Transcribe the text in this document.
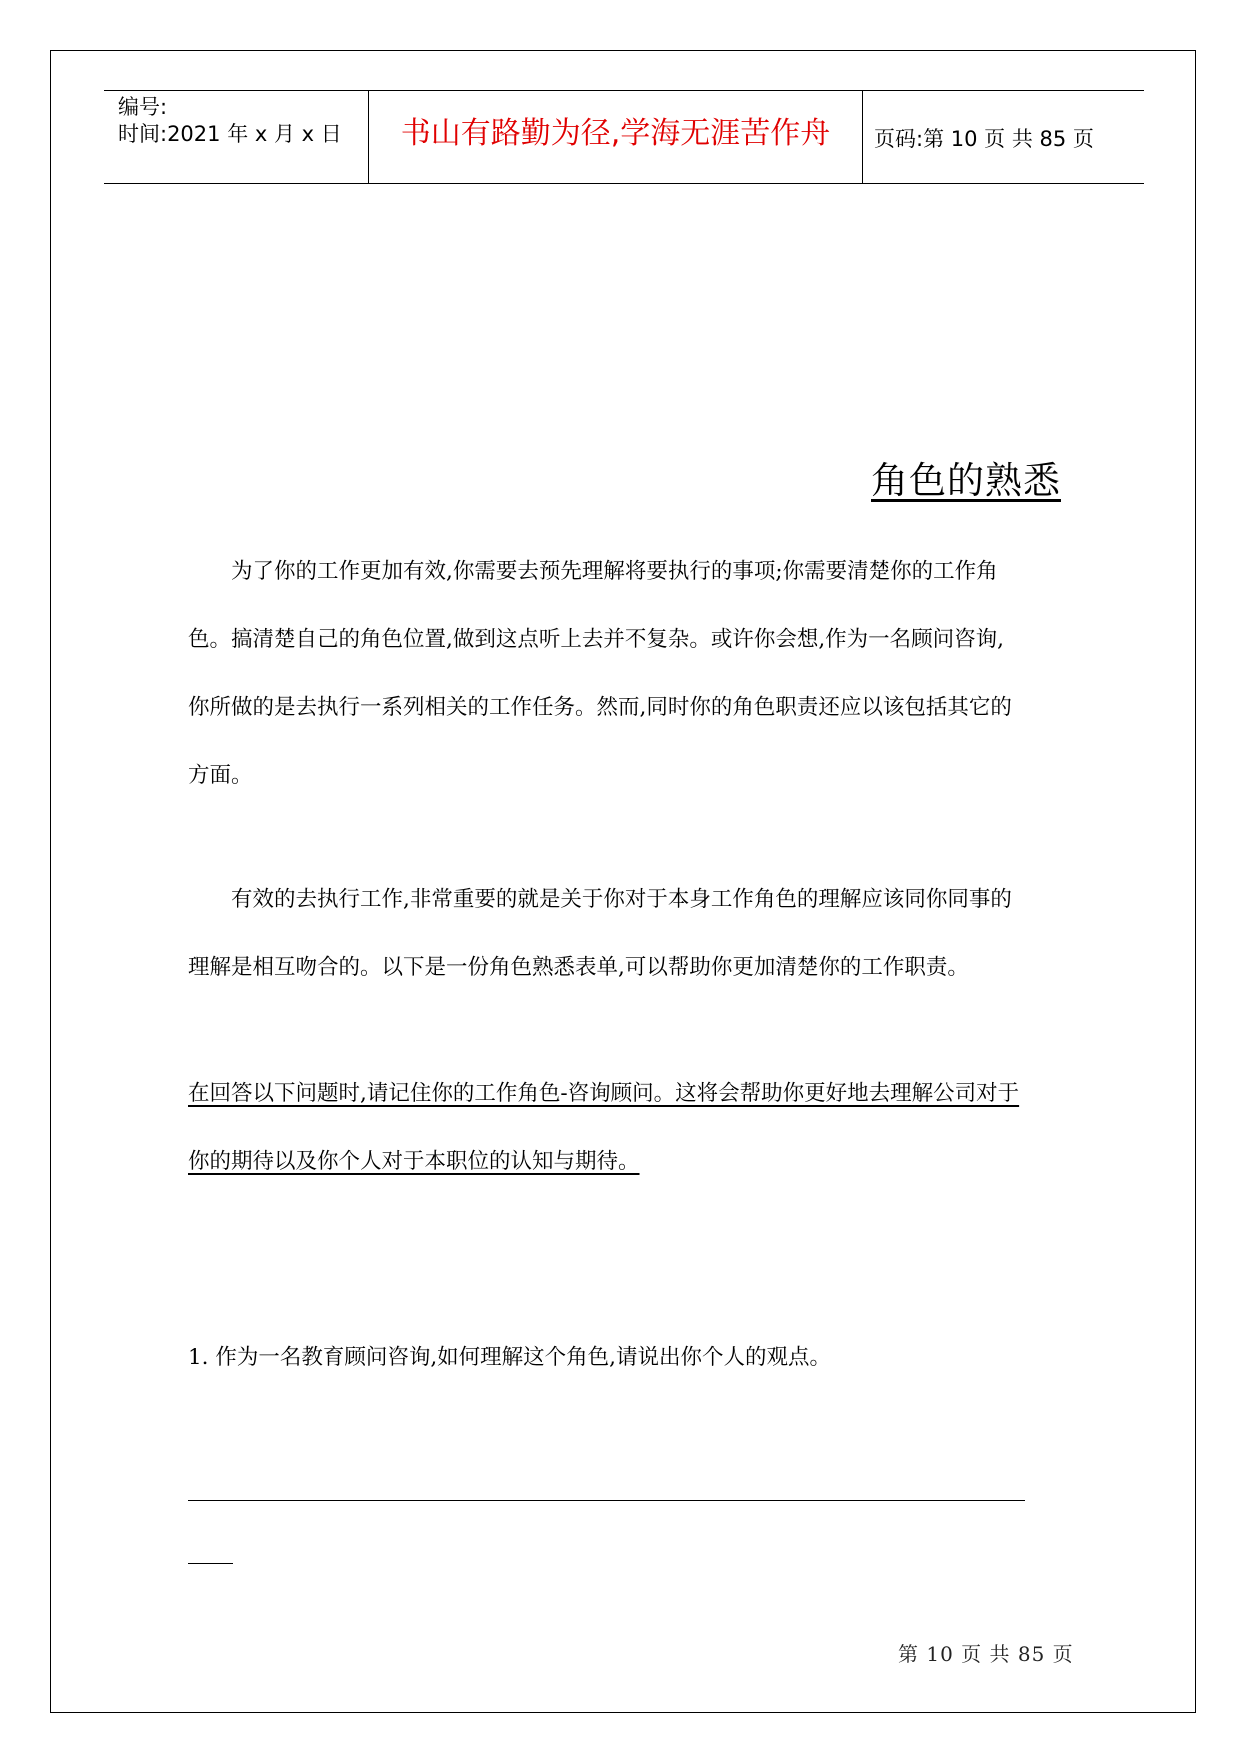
编号:
时间:2021 年 x 月 x 日	书山有路勤为径,学海无涯苦作舟	页码:第 10 页 共 85 页
角色的熟悉
为了你的工作更加有效,你需要去预先理解将要执行的事项;你需要清楚你的工作角
色。搞清楚自己的角色位置,做到这点听上去并不复杂。或许你会想,作为一名顾问咨询,
你所做的是去执行一系列相关的工作任务。然而,同时你的角色职责还应以该包括其它的
方面。
有效的去执行工作,非常重要的就是关于你对于本身工作角色的理解应该同你同事的
理解是相互吻合的。以下是一份角色熟悉表单,可以帮助你更加清楚你的工作职责。
在回答以下问题时,请记住你的工作角色-咨询顾问。这将会帮助你更好地去理解公司对于
你的期待以及你个人对于本职位的认知与期待。
1. 作为一名教育顾问咨询,如何理解这个角色,请说出你个人的观点。
第 10 页 共 85 页
